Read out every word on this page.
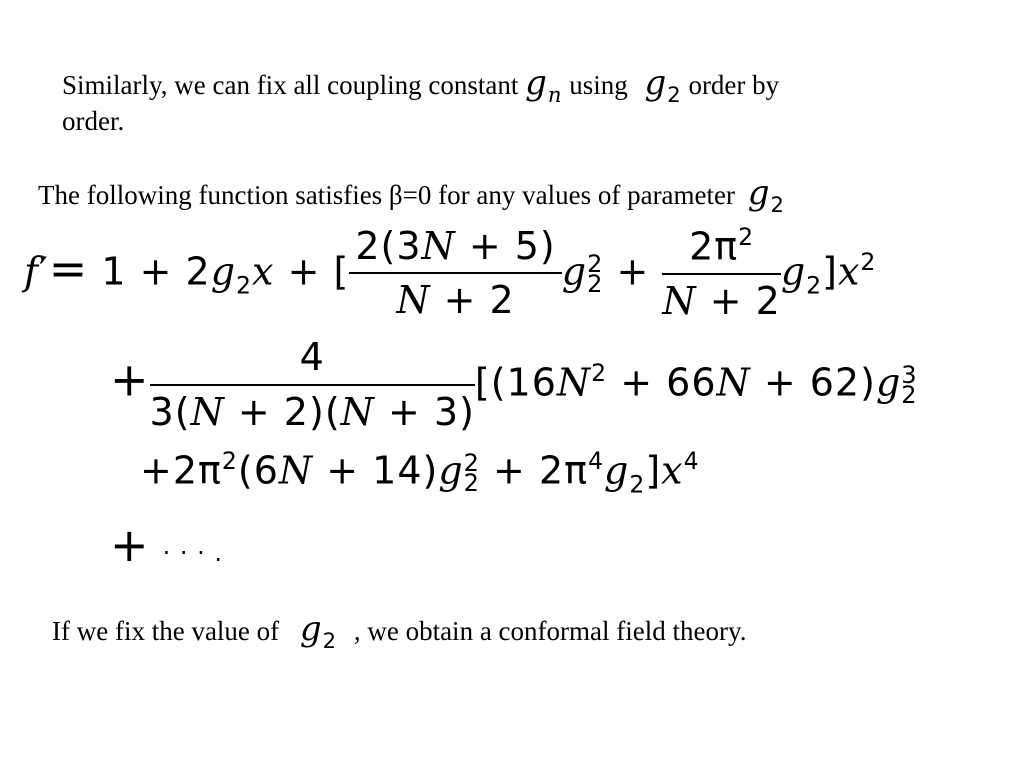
Similarly, we can fix all coupling constant $g_n$ using $g_2$ order by
order.
The following function satisfies β=0 for any values of parameter $g_2$
$f'= 1 + 2g_2x$ + [ $\frac{2(3N + 5)}{N + 2}$ g 2
$2 + \frac{2\pi^2}{N + 2} g_2]x^2$
+ $\frac{4}{3(N + 2)(N + 3)} [(16N^2 + 66N + 62)g$ 3
2
$+2\pi^2(6N + 14)g$ 2
$2 + 2\pi^4g_2]x^4$
+ · · · .
If we fix the value of $g_2$ , we obtain a conformal field theory.
